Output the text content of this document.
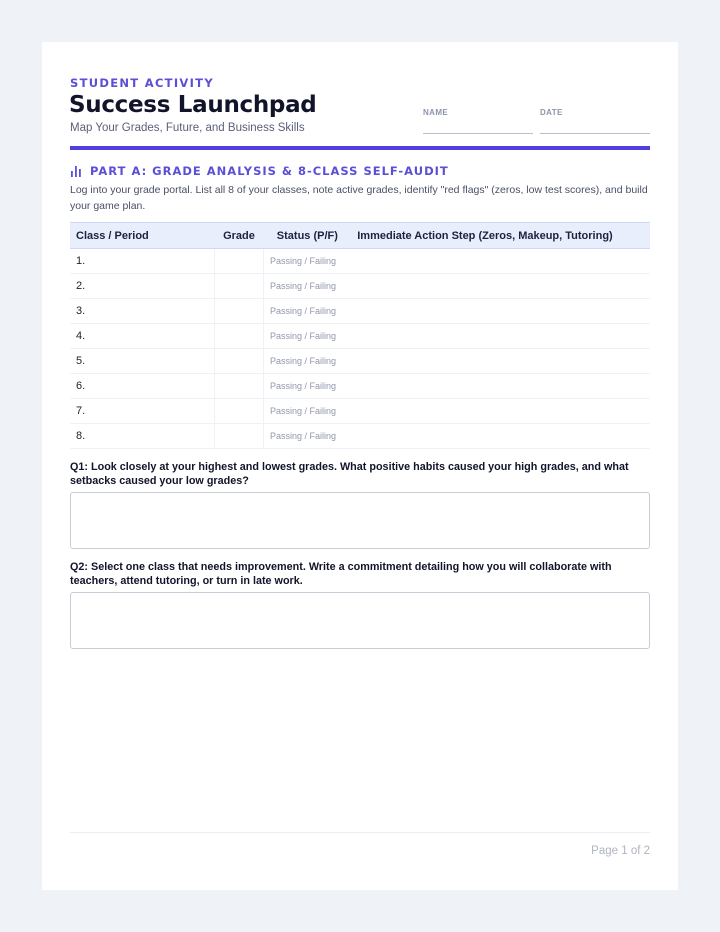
STUDENT ACTIVITY
Success Launchpad
Map Your Grades, Future, and Business Skills
NAME	DATE
PART A: GRADE ANALYSIS & 8-CLASS SELF-AUDIT
Log into your grade portal. List all 8 of your classes, note active grades, identify "red flags" (zeros, low test scores), and build your game plan.
Class / Period	Grade	Status (P/F)	Immediate Action Step (Zeros, Makeup, Tutoring)
1.		Passing / Failing	
2.		Passing / Failing	
3.		Passing / Failing	
4.		Passing / Failing	
5.		Passing / Failing	
6.		Passing / Failing	
7.		Passing / Failing	
8.		Passing / Failing	
Q1: Look closely at your highest and lowest grades. What positive habits caused your high grades, and what setbacks caused your low grades?
Q2: Select one class that needs improvement. Write a commitment detailing how you will collaborate with teachers, attend tutoring, or turn in late work.
Page 1 of 2
